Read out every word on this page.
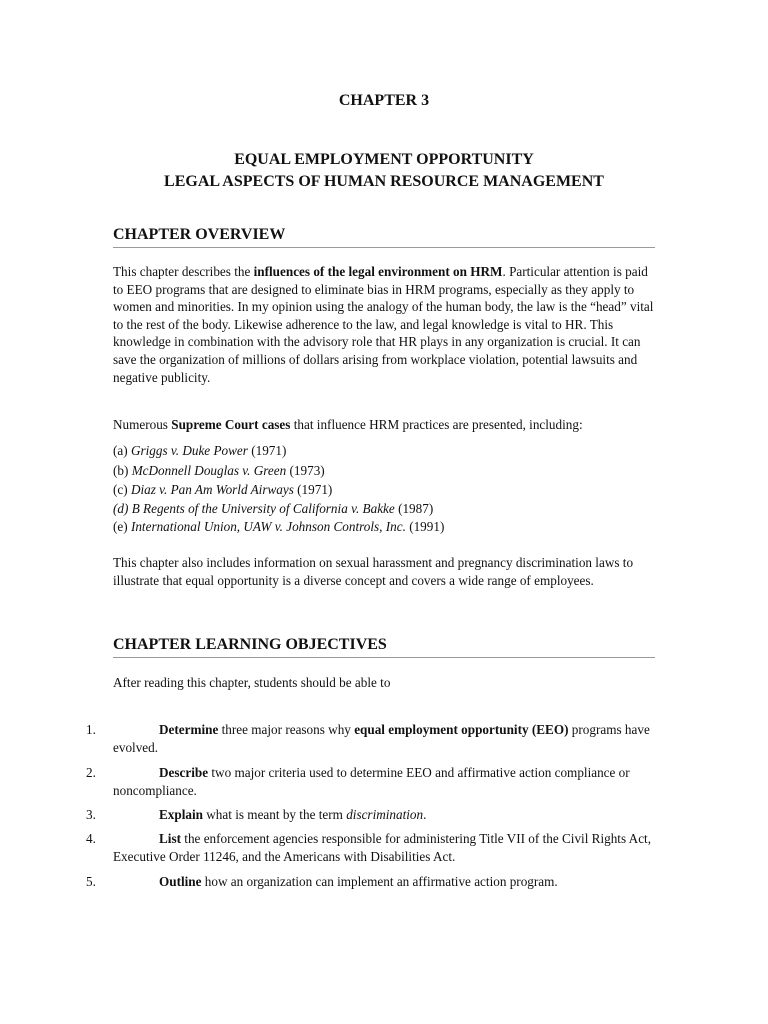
CHAPTER 3
EQUAL EMPLOYMENT OPPORTUNITY
LEGAL ASPECTS OF HUMAN RESOURCE MANAGEMENT
CHAPTER OVERVIEW
This chapter describes the influences of the legal environment on HRM. Particular attention is paid to EEO programs that are designed to eliminate bias in HRM programs, especially as they apply to women and minorities. In my opinion using the analogy of the human body, the law is the “head” vital to the rest of the body. Likewise adherence to the law, and legal knowledge is vital to HR. This knowledge in combination with the advisory role that HR plays in any organization is crucial. It can save the organization of millions of dollars arising from workplace violation, potential lawsuits and negative publicity.
Numerous Supreme Court cases that influence HRM practices are presented, including:
(a) Griggs v. Duke Power (1971)
(b) McDonnell Douglas v. Green (1973)
(c) Diaz v. Pan Am World Airways (1971)
(d) B Regents of the University of California v. Bakke (1987)
(e) International Union, UAW v. Johnson Controls, Inc. (1991)
This chapter also includes information on sexual harassment and pregnancy discrimination laws to illustrate that equal opportunity is a diverse concept and covers a wide range of employees.
CHAPTER LEARNING OBJECTIVES
After reading this chapter, students should be able to
1.	Determine three major reasons why equal employment opportunity (EEO) programs have evolved.
2.	Describe two major criteria used to determine EEO and affirmative action compliance or noncompliance.
3.	Explain what is meant by the term discrimination.
4.	List the enforcement agencies responsible for administering Title VII of the Civil Rights Act, Executive Order 11246, and the Americans with Disabilities Act.
5.	Outline how an organization can implement an affirmative action program.
